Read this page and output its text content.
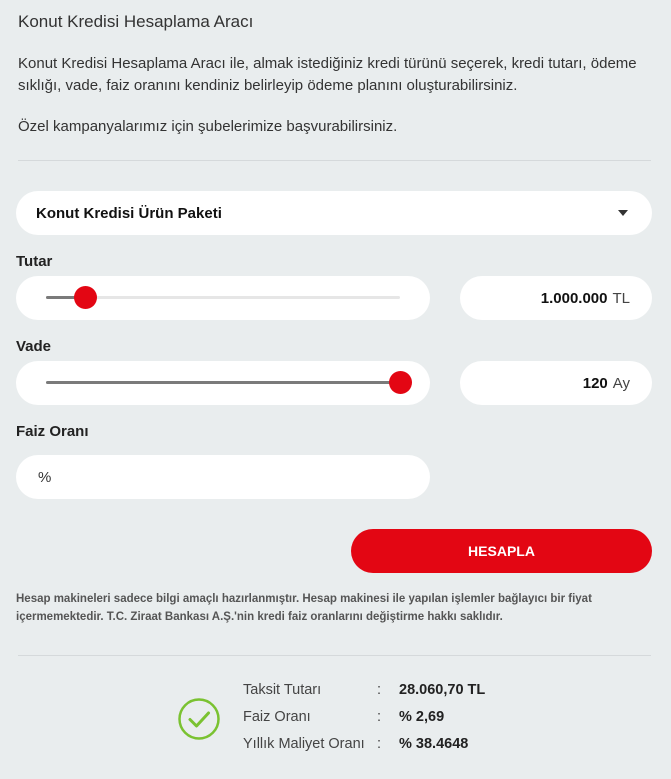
Konut Kredisi Hesaplama Aracı
Konut Kredisi Hesaplama Aracı ile, almak istediğiniz kredi türünü seçerek, kredi tutarı, ödeme sıklığı, vade, faiz oranını kendiniz belirleyip ödeme planını oluşturabilirsiniz.
Özel kampanyalarımız için şubelerimize başvurabilirsiniz.
Konut Kredisi Ürün Paketi
Tutar
1.000.000 TL
Vade
120 Ay
Faiz Oranı
%
HESAPLA
Hesap makineleri sadece bilgi amaçlı hazırlanmıştır. Hesap makinesi ile yapılan işlemler bağlayıcı bir fiyat içermemektedir. T.C. Ziraat Bankası A.Ş.'nin kredi faiz oranlarını değiştirme hakkı saklıdır.
Taksit Tutarı	: 28.060,70 TL
Faiz Oranı	: % 2,69
Yıllık Maliyet Oranı : % 38.4648
